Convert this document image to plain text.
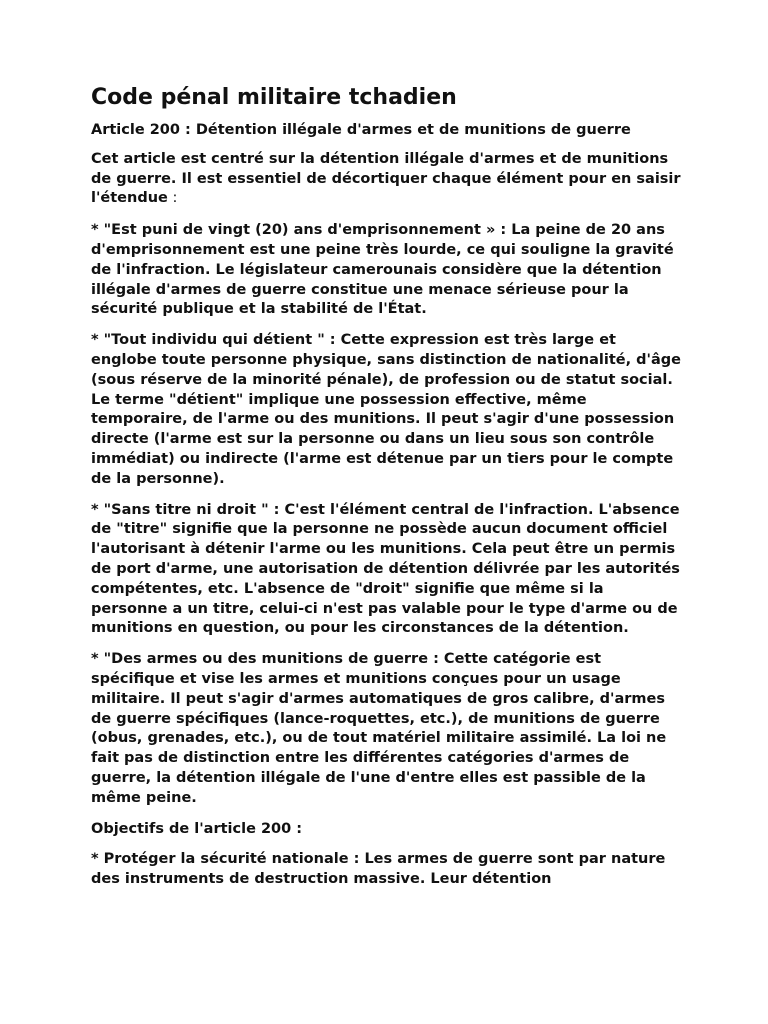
Code pénal militaire tchadien

Article 200 : Détention illégale d'armes et de munitions de guerre

Cet article est centré sur la détention illégale d'armes et de munitions de guerre. Il est essentiel de décortiquer chaque élément pour en saisir l'étendue :

* "Est puni de vingt (20) ans d'emprisonnement » : La peine de 20 ans d'emprisonnement est une peine très lourde, ce qui souligne la gravité de l'infraction. Le législateur camerounais considère que la détention illégale d'armes de guerre constitue une menace sérieuse pour la sécurité publique et la stabilité de l'État.

* "Tout individu qui détient " : Cette expression est très large et englobe toute personne physique, sans distinction de nationalité, d'âge (sous réserve de la minorité pénale), de profession ou de statut social. Le terme "détient" implique une possession effective, même temporaire, de l'arme ou des munitions. Il peut s'agir d'une possession directe (l'arme est sur la personne ou dans un lieu sous son contrôle immédiat) ou indirecte (l'arme est détenue par un tiers pour le compte de la personne).

* "Sans titre ni droit " : C'est l'élément central de l'infraction. L'absence de "titre" signifie que la personne ne possède aucun document officiel l'autorisant à détenir l'arme ou les munitions. Cela peut être un permis de port d'arme, une autorisation de détention délivrée par les autorités compétentes, etc. L'absence de "droit" signifie que même si la personne a un titre, celui-ci n'est pas valable pour le type d'arme ou de munitions en question, ou pour les circonstances de la détention.

* "Des armes ou des munitions de guerre : Cette catégorie est spécifique et vise les armes et munitions conçues pour un usage militaire. Il peut s'agir d'armes automatiques de gros calibre, d'armes de guerre spécifiques (lance-roquettes, etc.), de munitions de guerre (obus, grenades, etc.), ou de tout matériel militaire assimilé. La loi ne fait pas de distinction entre les différentes catégories d'armes de guerre, la détention illégale de l'une d'entre elles est passible de la même peine.

Objectifs de l'article 200 :

* Protéger la sécurité nationale : Les armes de guerre sont par nature des instruments de destruction massive. Leur détention
